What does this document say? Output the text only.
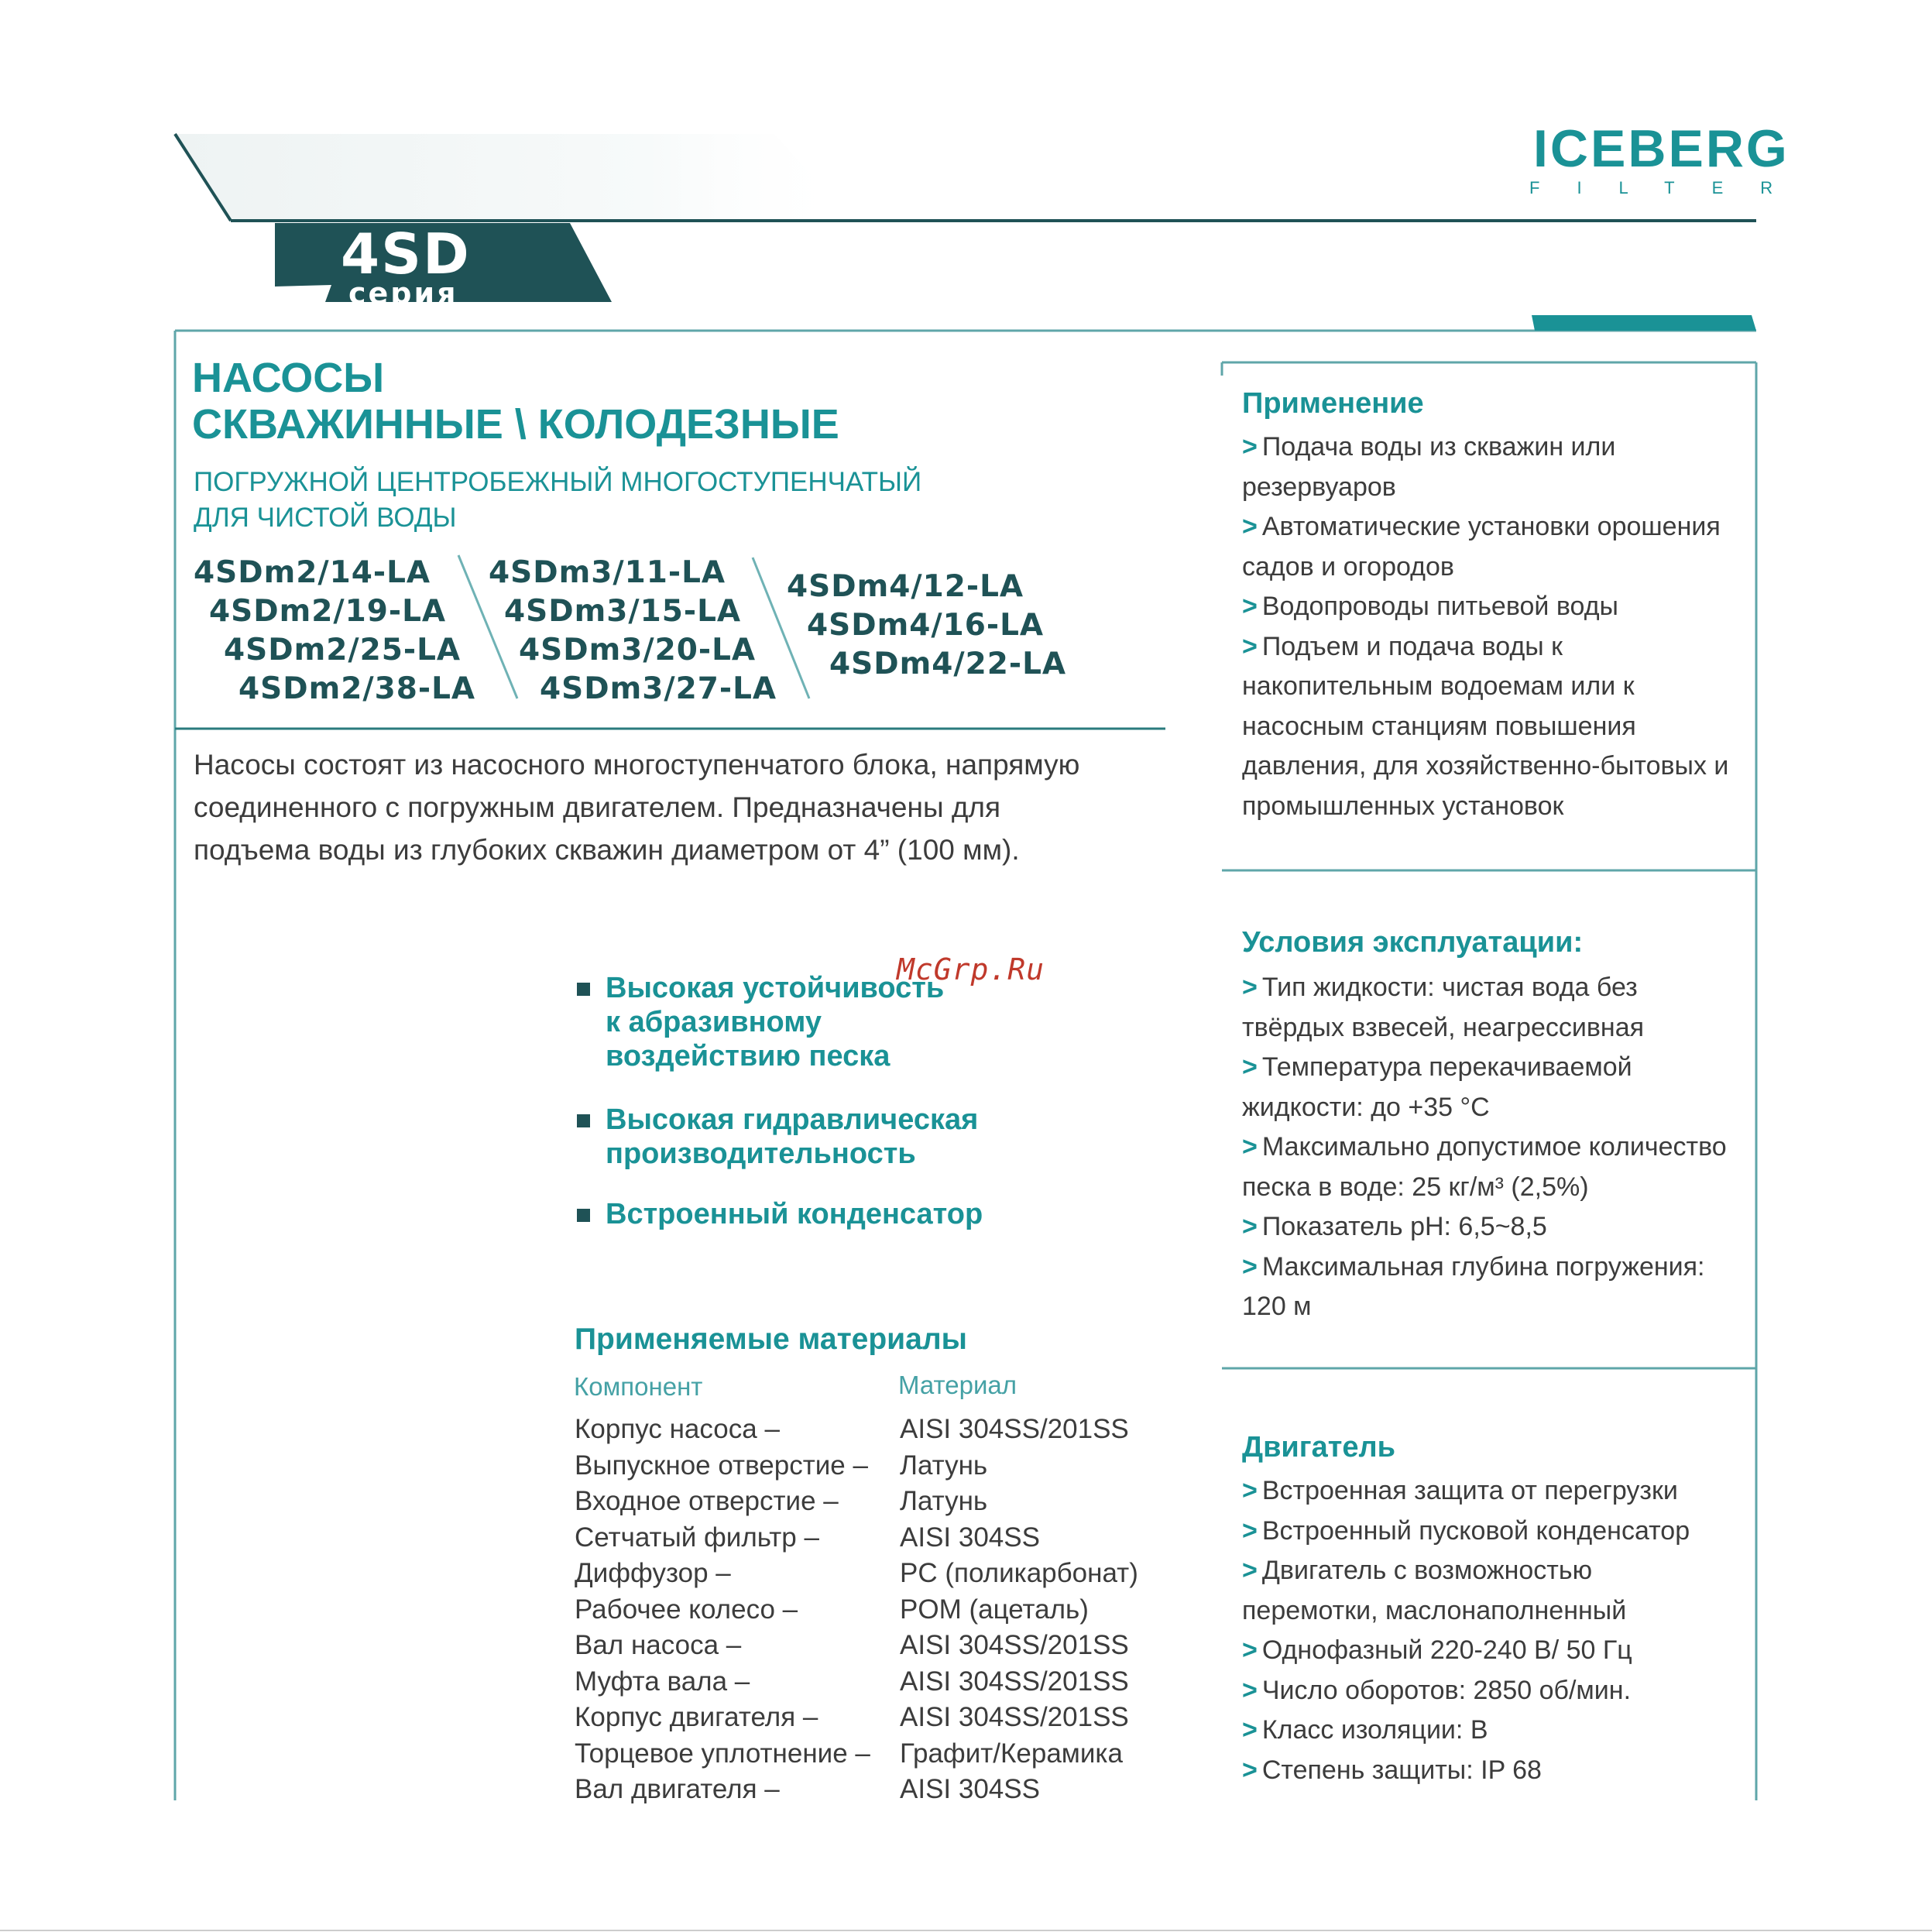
ICEBERG
FILTER
4SD
серия
НАСОСЫ
СКВАЖИННЫЕ \ КОЛОДЕЗНЫЕ
ПОГРУЖНОЙ ЦЕНТРОБЕЖНЫЙ МНОГОСТУПЕНЧАТЫЙ
ДЛЯ ЧИСТОЙ ВОДЫ
4SDm2/14-LA
4SDm2/19-LA
4SDm2/25-LA
4SDm2/38-LA
4SDm3/11-LA
4SDm3/15-LA
4SDm3/20-LA
4SDm3/27-LA
4SDm4/12-LA
4SDm4/16-LA
4SDm4/22-LA
Насосы состоят из насосного многоступенчатого блока, напрямую
соединенного с погружным двигателем. Предназначены для
подъема воды из глубоких скважин диаметром от 4” (100 мм).
McGrp.Ru
Высокая устойчивость
к абразивному
воздействию песка
Высокая гидравлическая
производительность
Встроенный конденсатор
Применяемые материалы
Компонент	Материал
Корпус насоса –
Выпускное отверстие –
Входное отверстие –
Сетчатый фильтр –
Диффузор –
Рабочее колесо –
Вал насоса –
Муфта вала –
Корпус двигателя –
Торцевое уплотнение –
Вал двигателя –
AISI 304SS/201SS
Латунь
Латунь
AISI 304SS
PC (поликарбонат)
POM (ацеталь)
AISI 304SS/201SS
AISI 304SS/201SS
AISI 304SS/201SS
Графит/Керамика
AISI 304SS
Применение
> Подача воды из скважин или
резервуаров
> Автоматические установки орошения
садов и огородов
> Водопроводы питьевой воды
> Подъем и подача воды к
накопительным водоемам или к
насосным станциям повышения
давления, для хозяйственно-бытовых и
промышленных установок
Условия эксплуатации:
> Тип жидкости: чистая вода без
твёрдых взвесей, неагрессивная
> Температура перекачиваемой
жидкости: до +35 °С
> Максимально допустимое количество
песка в воде: 25 кг/м³ (2,5%)
> Показатель pH: 6,5~8,5
> Максимальная глубина погружения:
120 м
Двигатель
> Встроенная защита от перегрузки
> Встроенный пусковой конденсатор
> Двигатель с возможностью
перемотки, маслонаполненный
> Однофазный 220-240 В/ 50 Гц
> Число оборотов: 2850 об/мин.
> Класс изоляции: B
> Степень защиты: IP 68
